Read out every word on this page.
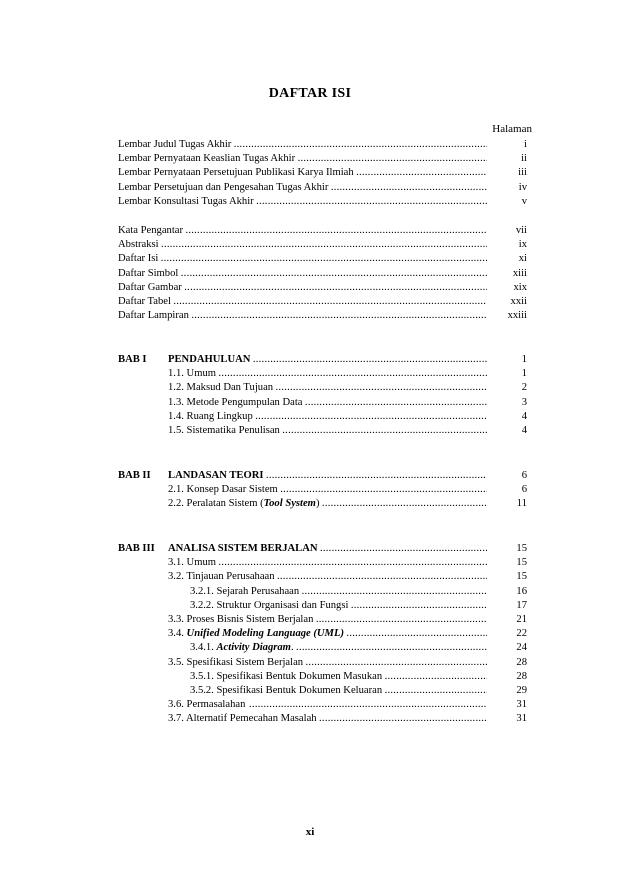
DAFTAR ISI
Halaman
Lembar Judul Tugas Akhir . . .	i
Lembar Pernyataan Keaslian Tugas Akhir . . .	ii
Lembar Pernyataan Persetujuan Publikasi Karya Ilmiah . . .	iii
Lembar Persetujuan dan Pengesahan Tugas Akhir . . .	iv
Lembar Konsultasi Tugas Akhir . . .	v
Kata Pengantar . . .	vii
Abstraksi . . .	ix
Daftar Isi . . .	xi
Daftar Simbol . . .	xiii
Daftar Gambar . . .	xix
Daftar Tabel . . .	xxii
Daftar Lampiran . . .	xxiii
BAB I PENDAHULUAN . . .	1
1.1. Umum . . .	1
1.2. Maksud Dan Tujuan . . .	2
1.3. Metode Pengumpulan Data . . .	3
1.4. Ruang Lingkup . . .	4
1.5. Sistematika Penulisan . . .	4
BAB II LANDASAN TEORI . . .	6
2.1. Konsep Dasar Sistem . . .	6
2.2. Peralatan Sistem (Tool System) . . .	11
BAB III ANALISA SISTEM BERJALAN . . .	15
3.1. Umum . . .	15
3.2. Tinjauan Perusahaan . . .	15
3.2.1. Sejarah Perusahaan . . .	16
3.2.2. Struktur Organisasi dan Fungsi . . .	17
3.3. Proses Bisnis Sistem Berjalan . . .	21
3.4. Unified Modeling Language (UML) . . .	22
3.4.1. Activity Diagram. . . .	24
3.5. Spesifikasi Sistem Berjalan . . .	28
3.5.1. Spesifikasi Bentuk Dokumen Masukan . . .	28
3.5.2. Spesifikasi Bentuk Dokumen Keluaran . . .	29
3.6. Permasalahan . . .	31
3.7. Alternatif Pemecahan Masalah . . .	31
xi
